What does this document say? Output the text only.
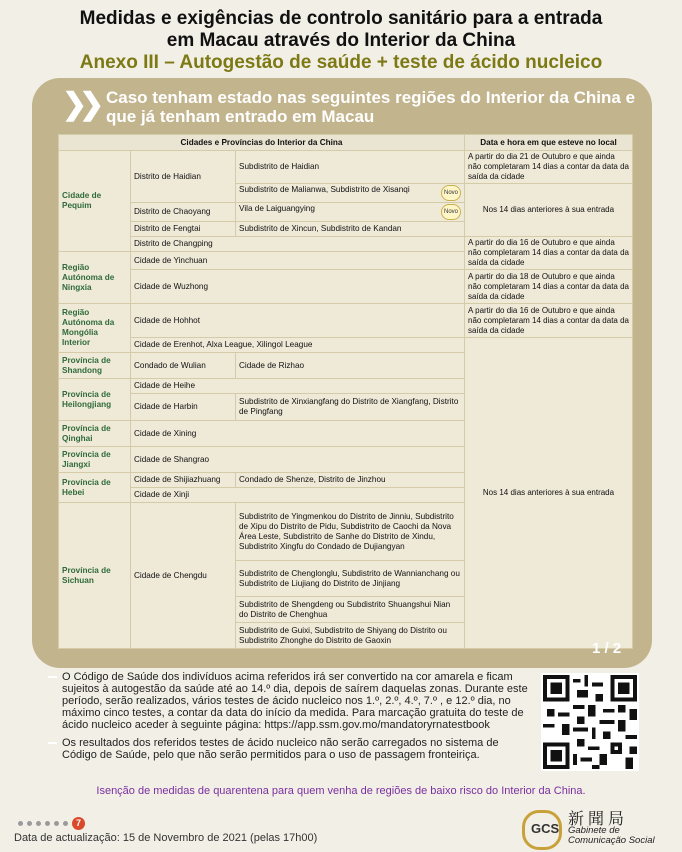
Medidas e exigências de controlo sanitário para a entrada
em Macau através do Interior da China
Anexo III – Autogestão de saúde + teste de ácido nucleico
❯❯ Caso tenham estado nas seguintes regiões do Interior da China e que já tenham entrado em Macau
Cidades e Províncias do Interior da China			Data e hora em que esteve no local
Cidade de Pequim	Distrito de Haidian	Subdistrito de Haidian	A partir do dia 21 de Outubro e que ainda não completaram 14 dias a contar da data da saída da cidade
		Subdistrito de Malianwa, Subdistrito de Xisanqi Novo	Nos 14 dias anteriores à sua entrada
	Distrito de Chaoyang	Vila de Laiguangying Novo	

	Distrito de Fengtai	Subdistrito de Xincun, Subdistrito de Kandan	
	Distrito de Changping		A partir do dia 16 de Outubro e que ainda não completaram 14 dias a contar da data da saída da cidade
Região Autónoma de Ningxia	Cidade de Yinchuan		
	Cidade de Wuzhong		A partir do dia 18 de Outubro e que ainda não completaram 14 dias a contar da data da saída da cidade
Região Autónoma da Mongólia Interior	Cidade de Hohhot		A partir do dia 16 de Outubro e que ainda não completaram 14 dias a contar da data da saída da cidade
	Cidade de Erenhot, Alxa League, Xilingol League		Nos 14 dias anteriores à sua entrada
Província de Shandong	Condado de Wulian	Cidade de Rizhao	
Província de Heilongjiang	Cidade de Heihe		
	Cidade de Harbin	Subdistrito de Xinxiangfang do Distrito de Xiangfang, Distrito de Pingfang	
Província de Qinghai	Cidade de Xining		
Província de Jiangxi	Cidade de Shangrao		
Província de Hebei	Cidade de Shijiazhuang	Condado de Shenze, Distrito de Jinzhou	
	Cidade de Xinji		
Província de Sichuan	Cidade de Chengdu	Subdistrito de Yingmenkou do Distrito de Jinniu, Subdistrito de Xipu do Distrito de Pidu, Subdistrito de Caochi da Nova Área Leste, Subdistrito de Sanhe do Distrito de Xindu, Subdistrito Xingfu do Condado de Dujiangyan	
		Subdistrito de Chenglonglu, Subdistrito de Wannianchang ou Subdistrito de Liujiang do Distrito de Jinjiang	
		Subdistrito de Shengdeng ou Subdistrito Shuangshui Nian do Distrito de Chenghua	
		Subdistrito de Guixi, Subdistrito de Shiyang do Distrito ou Subdistrito Zhonghe do Distrito de Gaoxin		1 / 2
O Código de Saúde dos indivíduos acima referidos irá ser convertido na cor amarela e ficam sujeitos à autogestão da saúde até ao 14.º dia, depois de saírem daquelas zonas. Durante este período, serão realizados, vários testes de ácido nucleico nos 1.º, 2.º, 4.º, 7.º , e 12.º dia, no máximo cinco testes, a contar da data do início da medida. Para marcação gratuita do teste de ácido nucleico aceder à seguinte página: https://app.ssm.gov.mo/mandatoryrnatestbook
Os resultados dos referidos testes de ácido nucleico não serão carregados no sistema de Código de Saúde, pelo que não serão permitidos para o uso de passagem fronteiriça.
Isenção de medidas de quarentena para quem venha de regiões de baixo risco do Interior da China.
7
Data de actualização: 15 de Novembro de 2021 (pelas 17h00)
GCS
新聞局
Gabinete de
Comunicação Social
